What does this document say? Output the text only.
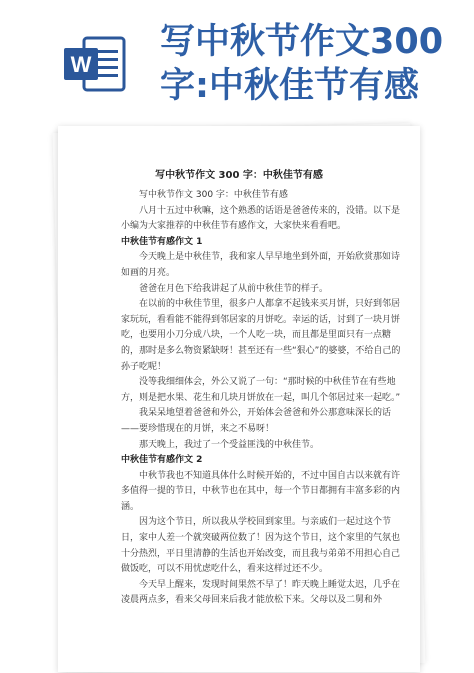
W
写中秋节作文300字:中秋佳节有感
写中秋节作文 300 字：中秋佳节有感

写中秋节作文 300 字：中秋佳节有感

八月十五过中秋嘛，这个熟悉的话语是爸爸传来的，没错。以下是小编为大家推荐的中秋佳节有感作文，大家快来看看吧。

中秋佳节有感作文 1

今天晚上是中秋佳节，我和家人早早地坐到外面，开始欣赏那如诗如画的月亮。

爸爸在月色下给我讲起了从前中秋佳节的样子。

在以前的中秋佳节里，很多户人都拿不起钱来买月饼，只好到邻居家玩玩，看看能不能得到邻居家的月饼吃。幸运的话，讨到了一块月饼吃，也要用小刀分成八块，一个人吃一块，而且都是里面只有一点糖的，那时是多么物资紧缺呀！甚至还有一些“狠心”的婆婆，不给自己的孙子吃呢！

没等我细细体会，外公又说了一句：“那时候的中秋佳节在有些地方，则是把水果、花生和几块月饼放在一起，叫几个邻居过来一起吃。”

我呆呆地望着爸爸和外公，开始体会爸爸和外公那意味深长的话——要珍惜现在的月饼，来之不易呀！

那天晚上，我过了一个受益匪浅的中秋佳节。

中秋佳节有感作文 2

中秋节我也不知道具体什么时候开始的，不过中国自古以来就有许多值得一提的节日，中秋节也在其中，每一个节日都拥有丰富多彩的内涵。

因为这个节日，所以我从学校回到家里。与亲戚们一起过这个节日，家中人差一个就突破两位数了！因为这个节日，这个家里的气氛也十分热烈，平日里清静的生活也开始改变，而且我与弟弟不用担心自己做饭吃，可以不用忧虑吃什么，看来这样过还不少。

今天早上醒来，发现时间果然不早了！昨天晚上睡觉太迟，几乎在凌晨两点多，看来父母回来后我才能放松下来。父母以及二舅和外
